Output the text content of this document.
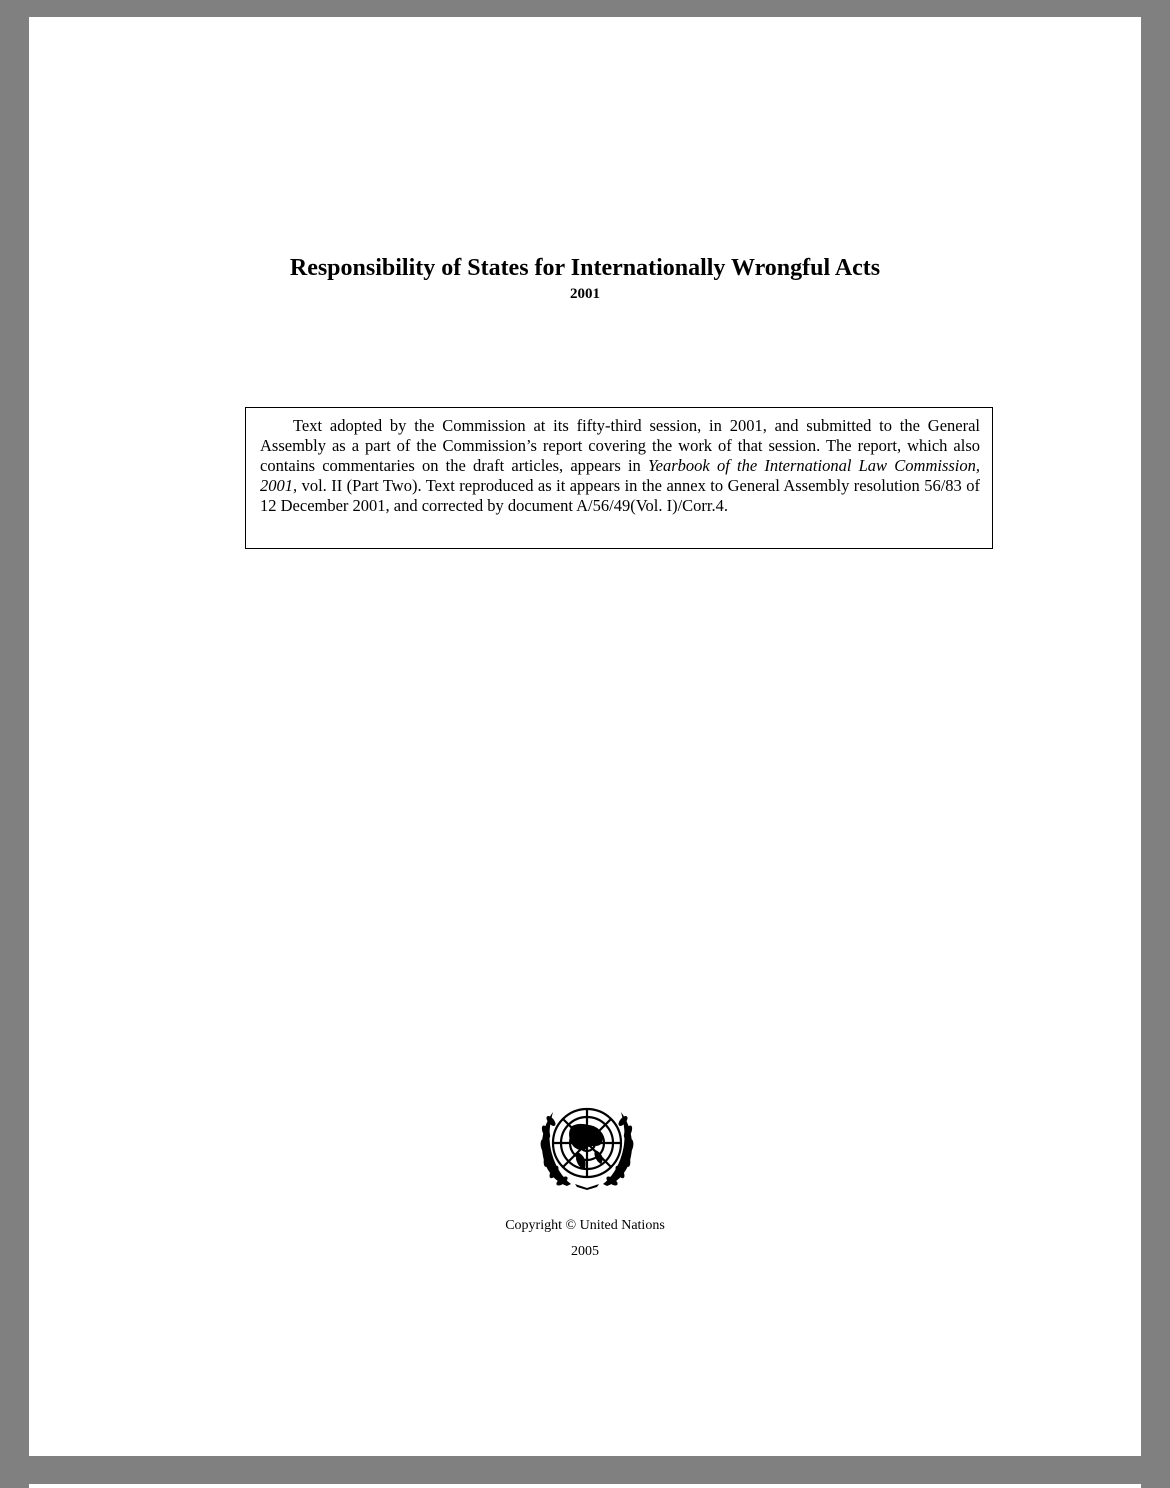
Responsibility of States for Internationally Wrongful Acts
2001

Text adopted by the Commission at its fifty-third session, in 2001, and submitted to the General Assembly as a part of the Commission’s report covering the work of that session. The report, which also contains commentaries on the draft articles, appears in Yearbook of the International Law Commission, 2001, vol. II (Part Two). Text reproduced as it appears in the annex to General Assembly resolution 56/83 of 12 December 2001, and corrected by document A/56/49(Vol. I)/Corr.4.

Copyright © United Nations
2005
